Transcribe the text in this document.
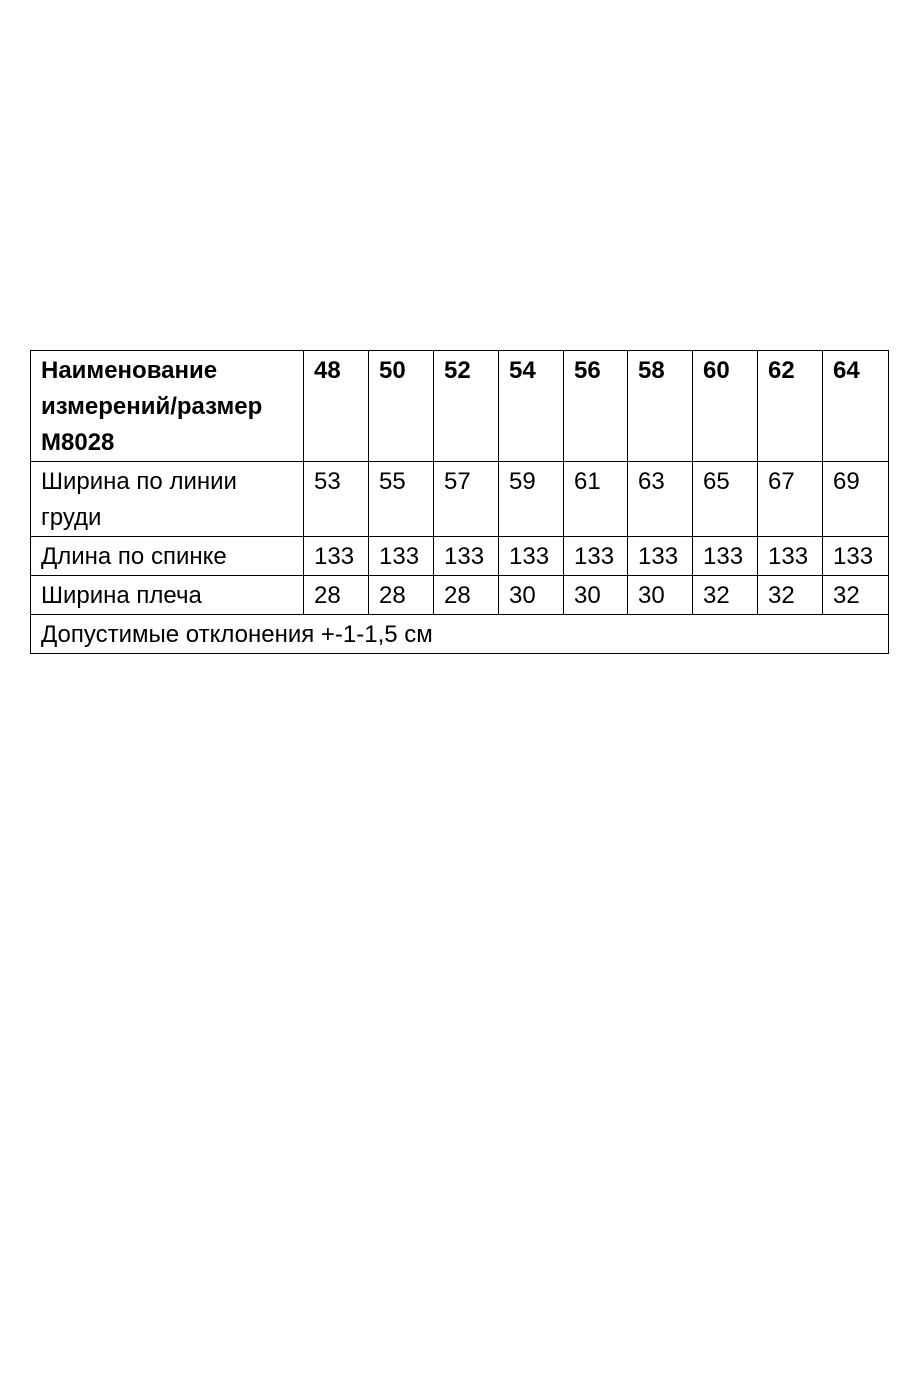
Наименование измерений/размер М8028	48	50	52	54	56	58	60	62	64
Ширина по линии груди	53	55	57	59	61	63	65	67	69
Длина по спинке	133	133	133	133	133	133	133	133	133
Ширина плеча	28	28	28	30	30	30	32	32	32
Допустимые отклонения +-1-1,5 см									
